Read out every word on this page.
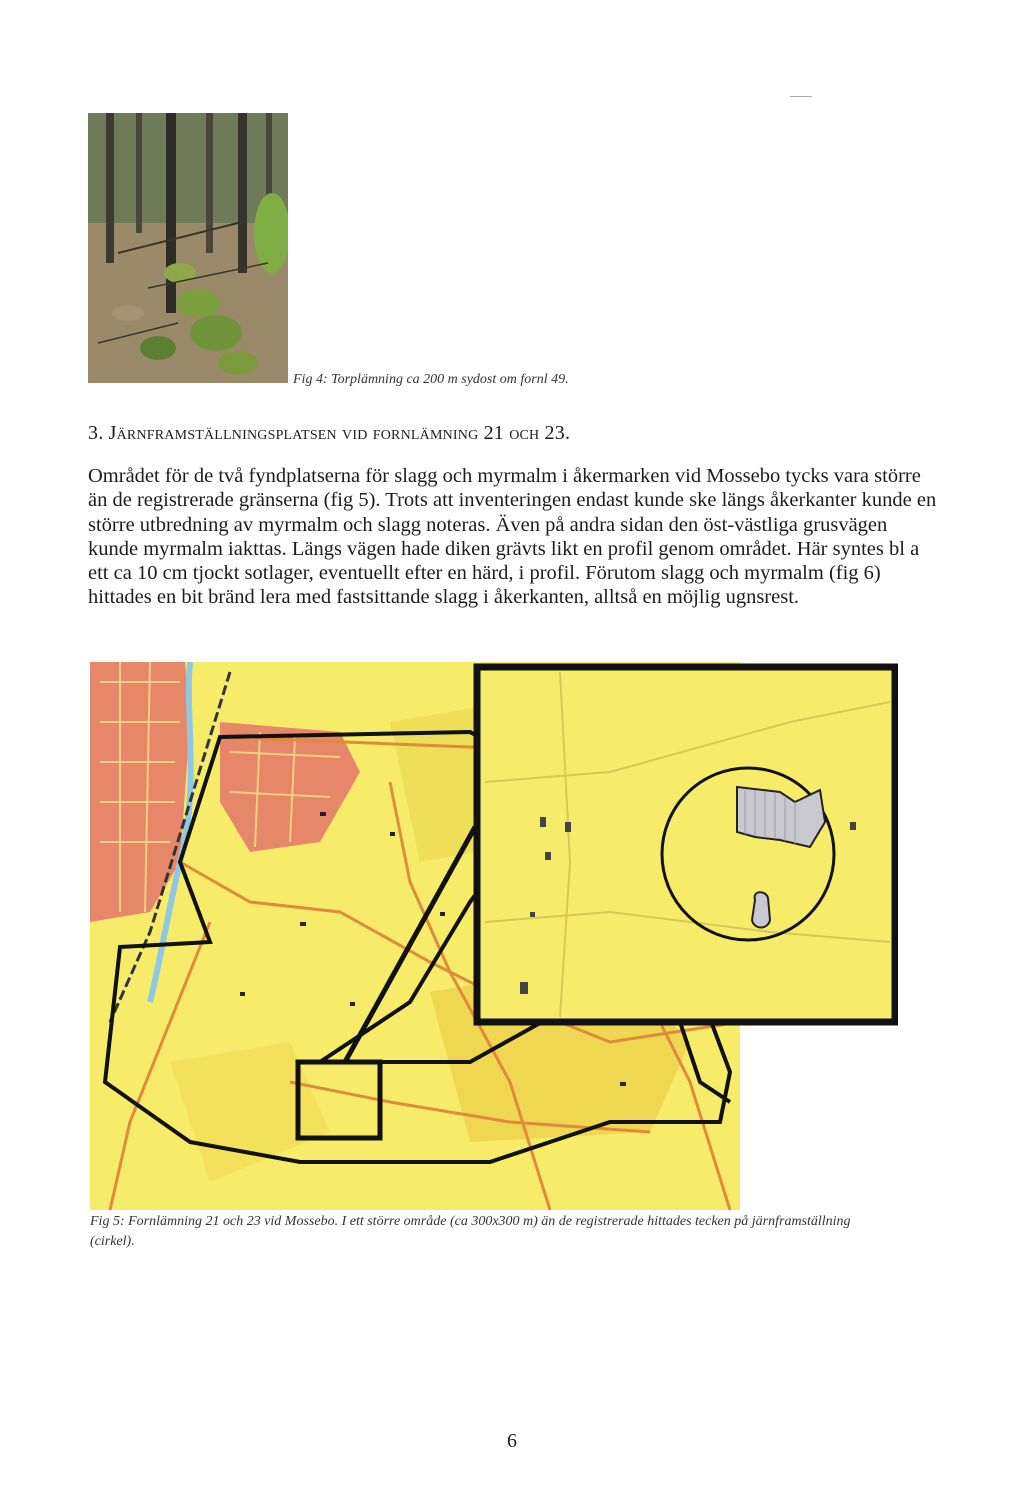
Fig 4: Torplämning ca 200 m sydost om fornl 49.
3. Järnframställningsplatsen vid fornlämning 21 och 23.
Området för de två fyndplatserna för slagg och myrmalm i åkermarken vid Mossebo tycks vara större än de registrerade gränserna (fig 5). Trots att inventeringen endast kunde ske längs åkerkanter kunde en större utbredning av myrmalm och slagg noteras. Även på andra sidan den öst-västliga grusvägen kunde myrmalm iakttas. Längs vägen hade diken grävts likt en profil genom området. Här syntes bl a ett ca 10 cm tjockt sotlager, eventuellt efter en härd, i profil. Förutom slagg och myrmalm (fig 6) hittades en bit bränd lera med fastsittande slagg i åkerkanten, alltså en möjlig ugnsrest.
Fig 5: Fornlämning 21 och 23 vid Mossebo. I ett större område (ca 300x300 m) än de registrerade hittades tecken på järnframställning (cirkel).
6
